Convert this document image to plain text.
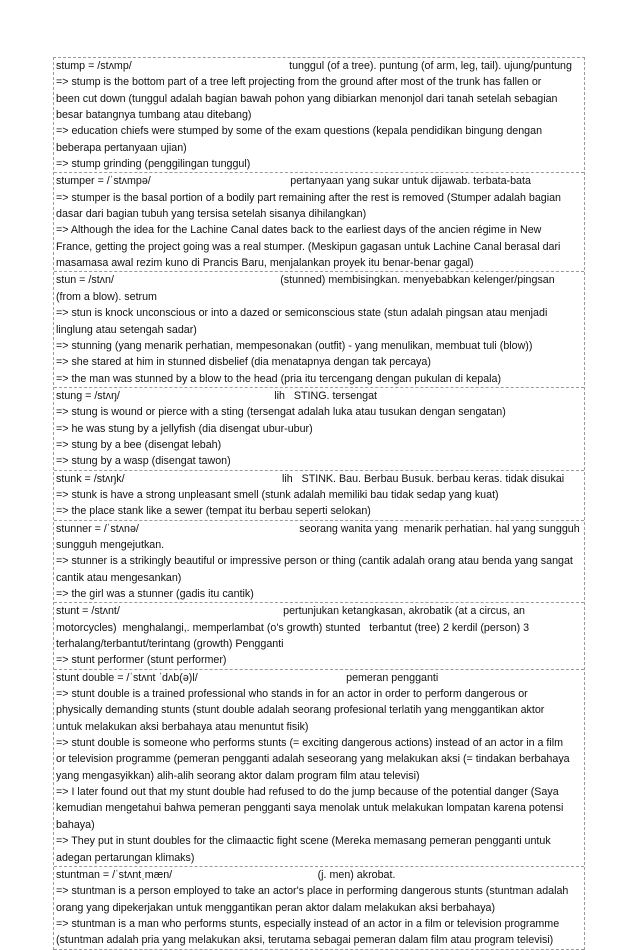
stump = /stʌmp/                                                     tunggul (of a tree). puntung (of arm, leg, tail). ujung/puntung
=> stump is the bottom part of a tree left projecting from the ground after most of the trunk has fallen or
been cut down (tunggul adalah bagian bawah pohon yang dibiarkan menonjol dari tanah setelah sebagian
besar batangnya tumbang atau ditebang)
=> education chiefs were stumped by some of the exam questions (kepala pendidikan bingung dengan
beberapa pertanyaan ujian)
=> stump grinding (penggilingan tunggul)
stumper = /ˈstʌmpə/                                               pertanyaan yang sukar untuk dijawab. terbata-bata
=> stumper is the basal portion of a bodily part remaining after the rest is removed (Stumper adalah bagian
dasar dari bagian tubuh yang tersisa setelah sisanya dihilangkan)
=> Although the idea for the Lachine Canal dates back to the earliest days of the ancien régime in New
France, getting the project going was a real stumper. (Meskipun gagasan untuk Lachine Canal berasal dari
masamasa awal rezim kuno di Prancis Baru, menjalankan proyek itu benar-benar gagal)
stun = /stʌn/                                                        (stunned) membisingkan. menyebabkan kelenger/pingsan
(from a blow). setrum
=> stun is knock unconscious or into a dazed or semiconscious state (stun adalah pingsan atau menjadi
linglung atau setengah sadar)
=> stunning (yang menarik perhatian, mempesonakan (outfit) - yang menulikan, membuat tuli (blow))
=> she stared at him in stunned disbelief (dia menatapnya dengan tak percaya)
=> the man was stunned by a blow to the head (pria itu tercengang dengan pukulan di kepala)
stung = /stʌŋ/                                                    lih   STING. tersengat
=> stung is wound or pierce with a sting (tersengat adalah luka atau tusukan dengan sengatan)
=> he was stung by a jellyfish (dia disengat ubur-ubur)
=> stung by a bee (disengat lebah)
=> stung by a wasp (disengat tawon)
stunk = /stʌŋk/                                                     lih   STINK. Bau. Berbau Busuk. berbau keras. tidak disukai
=> stunk is have a strong unpleasant smell (stunk adalah memiliki bau tidak sedap yang kuat)
=> the place stank like a sewer (tempat itu berbau seperti selokan)
stunner = /ˈstʌnə/                                                      seorang wanita yang  menarik perhatian. hal yang sungguh
sungguh mengejutkan.
=> stunner is a strikingly beautiful or impressive person or thing (cantik adalah orang atau benda yang sangat
cantik atau mengesankan)
=> the girl was a stunner (gadis itu cantik)
stunt = /stʌnt/                                                       pertunjukan ketangkasan, akrobatik (at a circus, an
motorcycles)  menghalangi,. memperlambat (o's growth) stunted   terbantut (tree) 2 kerdil (person) 3
terhalang/terbantut/terintang (growth) Pengganti
=> stunt performer (stunt performer)
stunt double = /ˈstʌnt ˈdʌb(ə)l/                                                  pemeran pengganti
=> stunt double is a trained professional who stands in for an actor in order to perform dangerous or
physically demanding stunts (stunt double adalah seorang profesional terlatih yang menggantikan aktor
untuk melakukan aksi berbahaya atau menuntut fisik)
=> stunt double is someone who performs stunts (= exciting dangerous actions) instead of an actor in a film
or television programme (pemeran pengganti adalah seseorang yang melakukan aksi (= tindakan berbahaya
yang mengasyikkan) alih-alih seorang aktor dalam program film atau televisi)
=> I later found out that my stunt double had refused to do the jump because of the potential danger (Saya
kemudian mengetahui bahwa pemeran pengganti saya menolak untuk melakukan lompatan karena potensi
bahaya)
=> They put in stunt doubles for the climaactic fight scene (Mereka memasang pemeran pengganti untuk
adegan pertarungan klimaks)
stuntman = /ˈstʌntˌmæn/                                                 (j. men) akrobat.
=> stuntman is a person employed to take an actor's place in performing dangerous stunts (stuntman adalah
orang yang dipekerjakan untuk menggantikan peran aktor dalam melakukan aksi berbahaya)
=> stuntman is a man who performs stunts, especially instead of an actor in a film or television programme
(stuntman adalah pria yang melakukan aksi, terutama sebagai pemeran dalam film atau program televisi)
